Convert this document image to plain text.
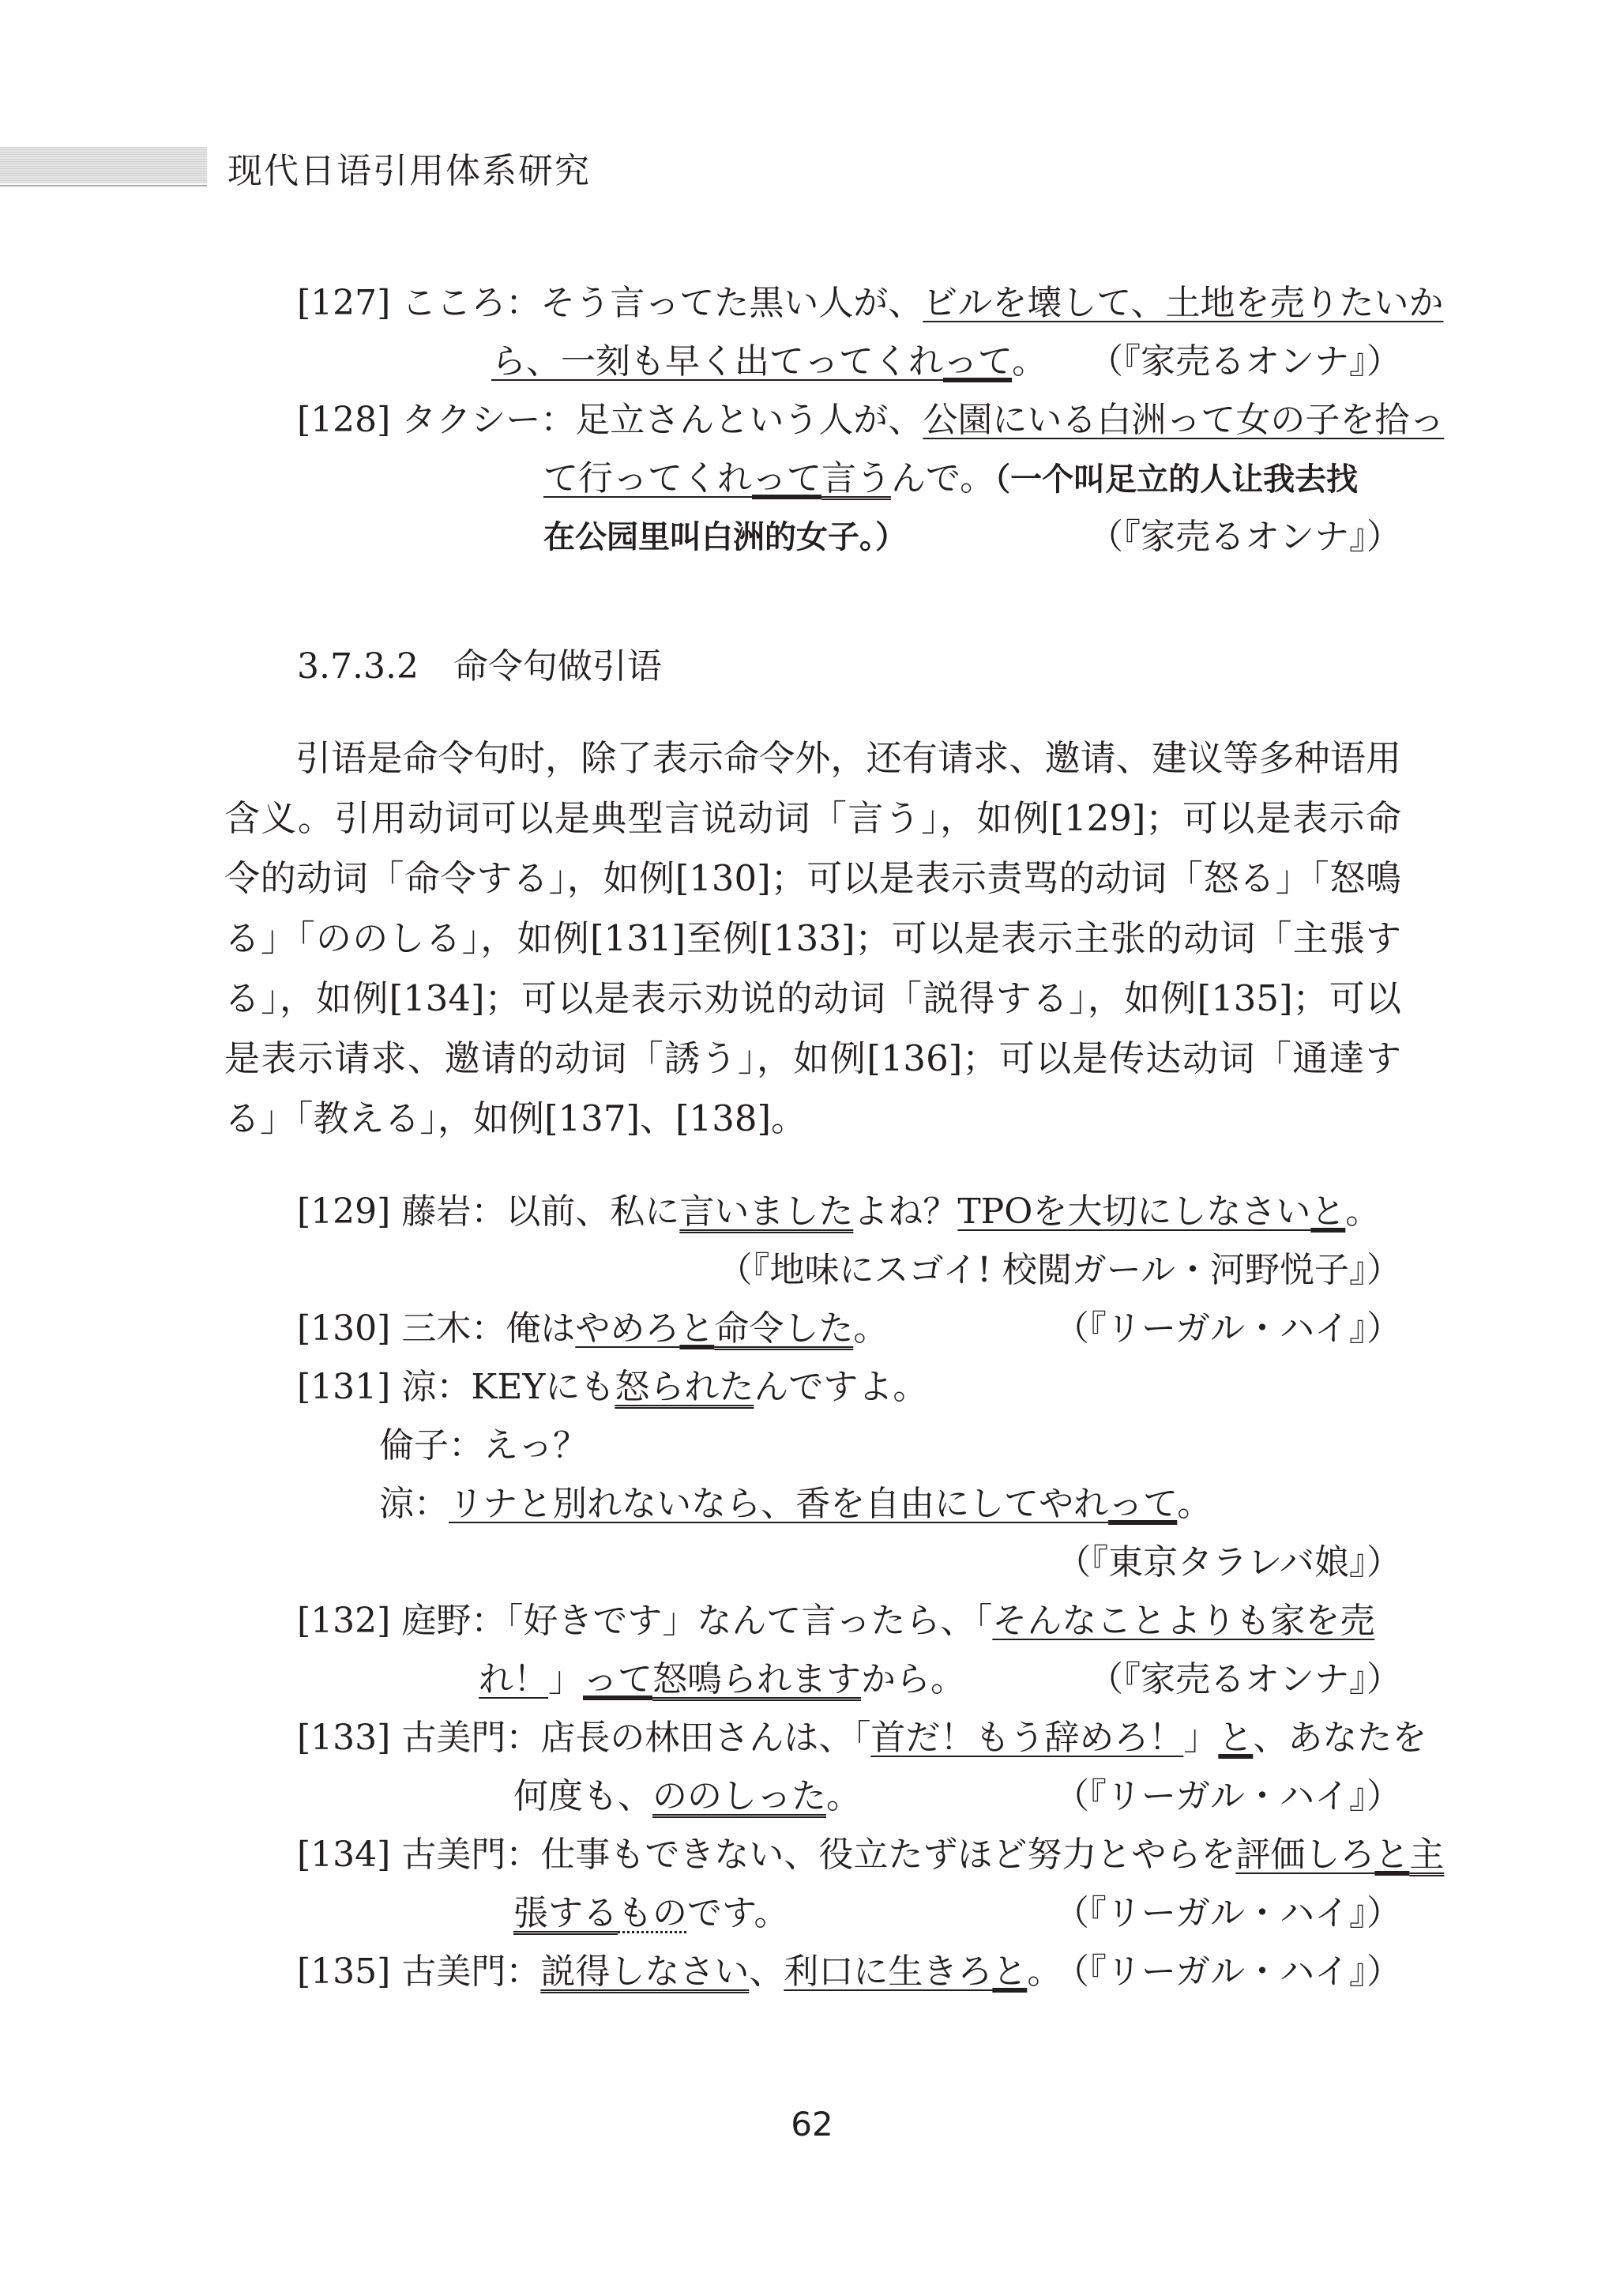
现代日语引用体系研究
[127] こころ：そう言ってた黒い人が、ビルを壊して、土地を売りたいか
ら、一刻も早く出てってくれって。 （『家売るオンナ』）
[128] タクシー：足立さんという人が、公園にいる白洲って女の子を拾っ
て行ってくれって言うんで。（一个叫足立的人让我去找
在公园里叫白洲的女子。）	（『家売るオンナ』）
3.7.3.2 命令句做引语
引语是命令句时，除了表示命令外，还有请求、邀请、建议等多种语用含义。引用动词可以是典型言说动词「言う」，如例[129]；可以是表示命令的动词「命令する」，如例[130]；可以是表示责骂的动词「怒る」「怒鳴る」「ののしる」，如例[131]至例[133]；可以是表示主张的动词「主張する」，如例[134]；可以是表示劝说的动词「説得する」，如例[135]；可以是表示请求、邀请的动词「誘う」，如例[136]；可以是传达动词「通達する」「教える」，如例[137]、[138]。
[129] 藤岩：以前、私に言いましたよね？TPOを大切にしなさいと。
（『地味にスゴイ! 校閲ガール・河野悦子』）
[130] 三木：俺はやめろと命令した。	（『リーガル・ハイ』）
[131] 涼：KEYにも怒られたんですよ。
倫子：えっ？
涼：リナと別れないなら、香を自由にしてやれって。
（『東京タラレバ娘』）
[132] 庭野：「好きです」なんて言ったら、「そんなことよりも家を売
れ！」って怒鳴られますから。	（『家売るオンナ』）
[133] 古美門：店長の林田さんは、「首だ！もう辞めろ！」と、あなたを
何度も、ののしった。	（『リーガル・ハイ』）
[134] 古美門：仕事もできない、役立たずほど努力とやらを評価しろと主
張するものです。	（『リーガル・ハイ』）
[135] 古美門：説得しなさい、利口に生きろと。
（『リーガル・ハイ』）
62
